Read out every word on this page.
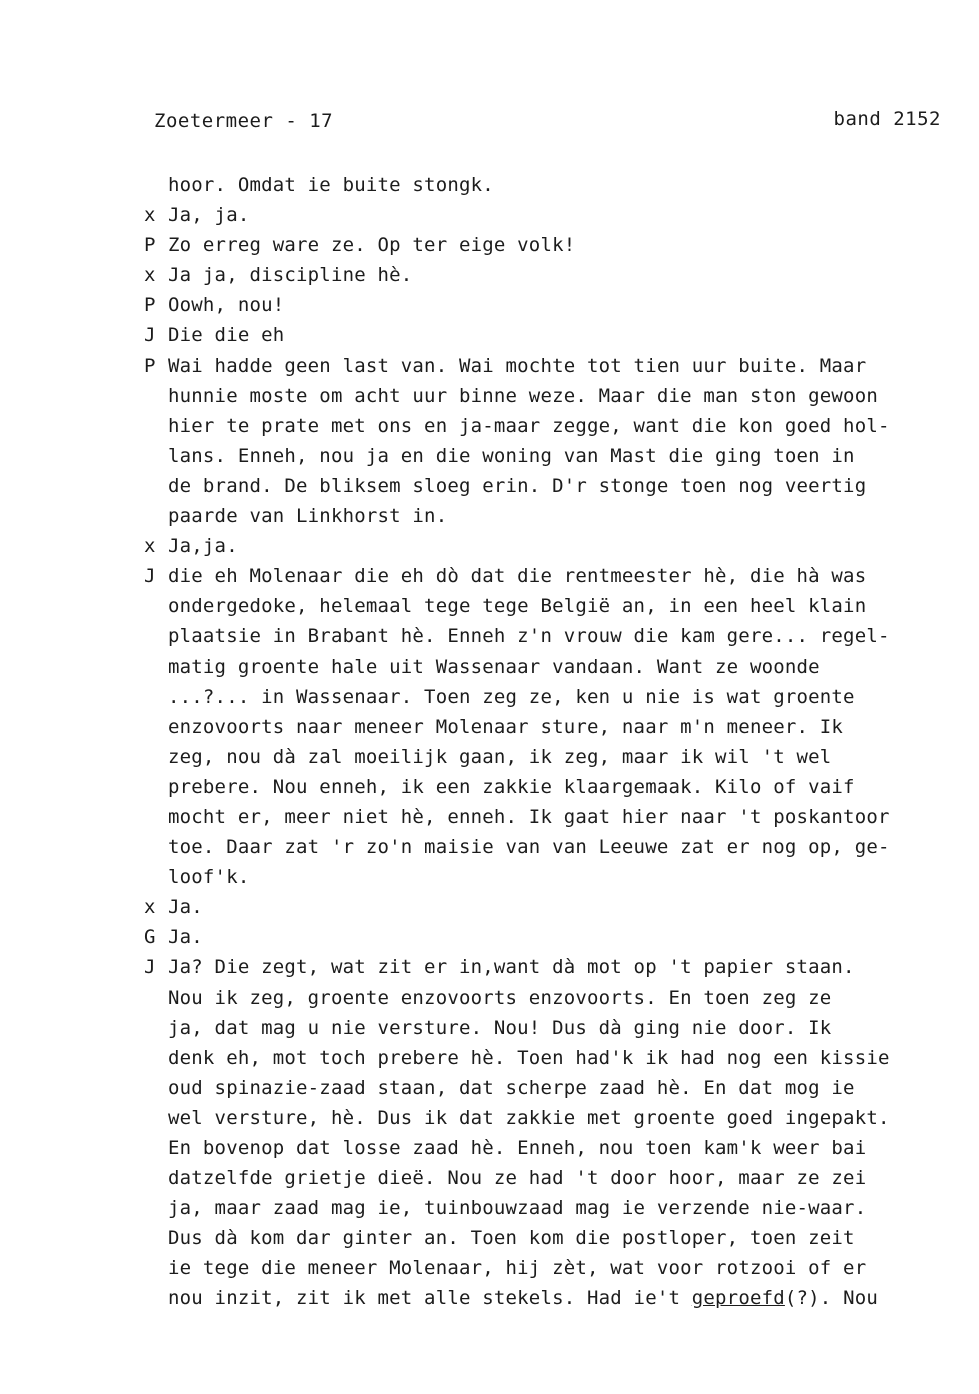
Zoetermeer - 17	band 2152
hoor. Omdat ie buite stongk.
x Ja, ja.
P Zo erreg ware ze. Op ter eige volk!
x Ja ja, discipline hè.
P Oowh, nou!
J Die die eh
P Wai hadde geen last van. Wai mochte tot tien uur buite. Maar
hunnie moste om acht uur binne weze. Maar die man ston gewoon
hier te prate met ons en ja-maar zegge, want die kon goed hol-
lans. Enneh, nou ja en die woning van Mast die ging toen in
de brand. De bliksem sloeg erin. D'r stonge toen nog veertig
paarde van Linkhorst in.
x Ja,ja.
J die eh Molenaar die eh dò dat die rentmeester hè, die hà was
ondergedoke, helemaal tege tege België an, in een heel klain
plaatsie in Brabant hè. Enneh z'n vrouw die kam gere... regel-
matig groente hale uit Wassenaar vandaan. Want ze woonde
...?... in Wassenaar. Toen zeg ze, ken u nie is wat groente
enzovoorts naar meneer Molenaar sture, naar m'n meneer. Ik
zeg, nou dà zal moeilijk gaan, ik zeg, maar ik wil 't wel
prebere. Nou enneh, ik een zakkie klaargemaak. Kilo of vaif
mocht er, meer niet hè, enneh. Ik gaat hier naar 't poskantoor
toe. Daar zat 'r zo'n maisie van van Leeuwe zat er nog op, ge-
loof'k.
x Ja.
G Ja.
J Ja? Die zegt, wat zit er in,want dà mot op 't papier staan.
Nou ik zeg, groente enzovoorts enzovoorts. En toen zeg ze
ja, dat mag u nie versture. Nou! Dus dà ging nie door. Ik
denk eh, mot toch prebere hè. Toen had'k ik had nog een kissie
oud spinazie-zaad staan, dat scherpe zaad hè. En dat mog ie
wel versture, hè. Dus ik dat zakkie met groente goed ingepakt.
En bovenop dat losse zaad hè. Enneh, nou toen kam'k weer bai
datzelfde grietje dieë. Nou ze had 't door hoor, maar ze zei
ja, maar zaad mag ie, tuinbouwzaad mag ie verzende nie-waar.
Dus dà kom dar ginter an. Toen kom die postloper, toen zeit
ie tege die meneer Molenaar, hij zèt, wat voor rotzooi of er
nou inzit, zit ik met alle stekels. Had ie't geproefd(?). Nou
